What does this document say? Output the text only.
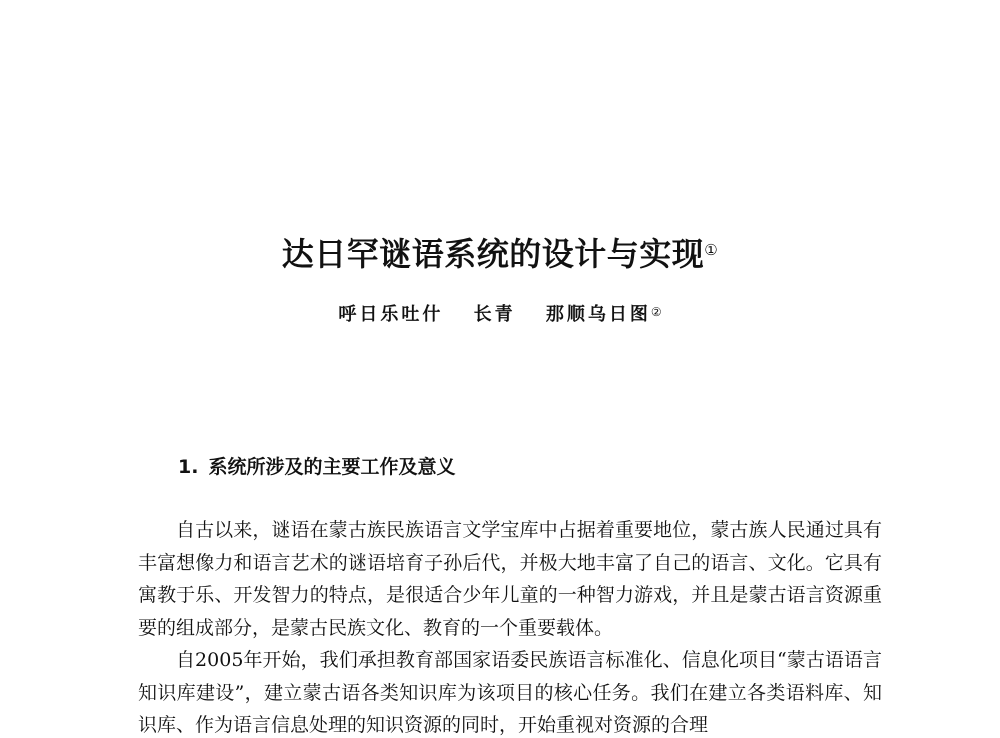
达日罕谜语系统的设计与实现①
呼日乐吐什 长青 那顺乌日图②
1. 系统所涉及的主要工作及意义

自古以来，谜语在蒙古族民族语言文学宝库中占据着重要地位，蒙古族人民通过具有丰富想像力和语言艺术的谜语培育子孙后代，并极大地丰富了自己的语言、文化。它具有寓教于乐、开发智力的特点，是很适合少年儿童的一种智力游戏，并且是蒙古语言资源重要的组成部分，是蒙古民族文化、教育的一个重要载体。

自2005年开始，我们承担教育部国家语委民族语言标准化、信息化项目“蒙古语语言知识库建设”，建立蒙古语各类知识库为该项目的核心任务。我们在建立各类语料库、知识库、作为语言信息处理的知识资源的同时，开始重视对资源的合理
